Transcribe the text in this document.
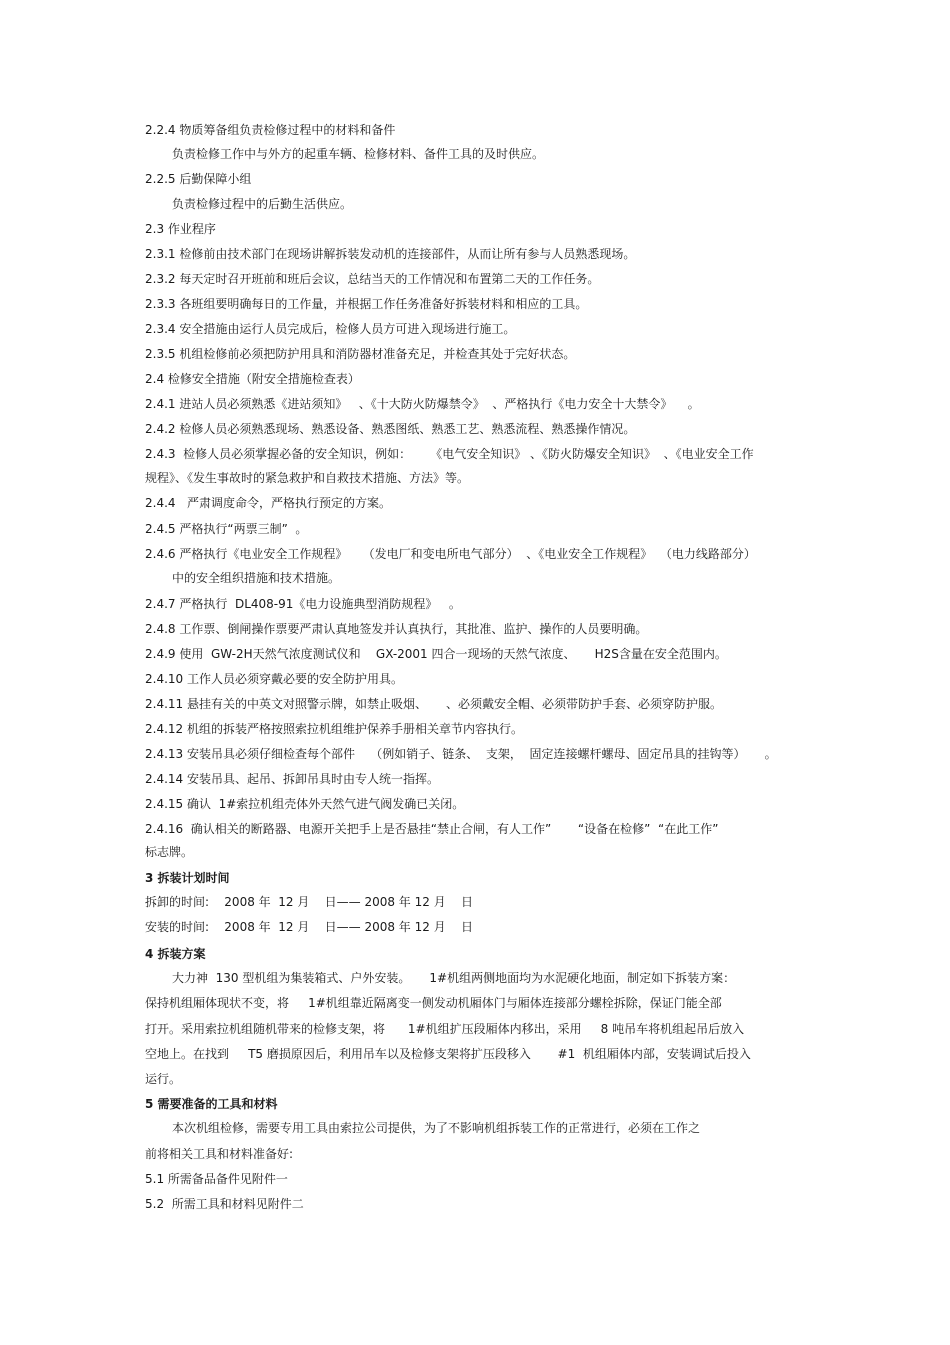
2.2.4 物质筹备组负责检修过程中的材料和备件
负责检修工作中与外方的起重车辆、检修材料、备件工具的及时供应。
2.2.5 后勤保障小组
负责检修过程中的后勤生活供应。
2.3 作业程序
2.3.1 检修前由技术部门在现场讲解拆装发动机的连接部件，从而让所有参与人员熟悉现场。
2.3.2 每天定时召开班前和班后会议，总结当天的工作情况和布置第二天的工作任务。
2.3.3 各班组要明确每日的工作量，并根据工作任务准备好拆装材料和相应的工具。
2.3.4 安全措施由运行人员完成后，检修人员方可进入现场进行施工。
2.3.5 机组检修前必须把防护用具和消防器材准备充足，并检查其处于完好状态。
2.4 检修安全措施（附安全措施检查表）
2.4.1 进站人员必须熟悉《进站须知》   、《十大防火防爆禁令》  、严格执行《电力安全十大禁令》    。
2.4.2 检修人员必须熟悉现场、熟悉设备、熟悉图纸、熟悉工艺、熟悉流程、熟悉操作情况。
2.4.3  检修人员必须掌握必备的安全知识，例如：     《电气安全知识》 、《防火防爆安全知识》  、《电业安全工作
规程》、《发生事故时的紧急救护和自救技术措施、方法》等。
2.4.4   严肃调度命令，严格执行预定的方案。
2.4.5 严格执行“两票三制”  。
2.4.6 严格执行《电业安全工作规程》    （发电厂和变电所电气部分）  、《电业安全工作规程》  （电力线路部分）
中的安全组织措施和技术措施。
2.4.7 严格执行  DL408-91《电力设施典型消防规程》   。
2.4.8 工作票、倒闸操作票要严肃认真地签发并认真执行，其批准、监护、操作的人员要明确。
2.4.9 使用  GW-2H天然气浓度测试仪和    GX-2001 四合一现场的天然气浓度、     H2S含量在安全范围内。
2.4.10 工作人员必须穿戴必要的安全防护用具。
2.4.11 悬挂有关的中英文对照警示牌，如禁止吸烟、     、必须戴安全帽、必须带防护手套、必须穿防护服。
2.4.12 机组的拆装严格按照索拉机组维护保养手册相关章节内容执行。
2.4.13 安装吊具必须仔细检查每个部件    （例如销子、链条、  支架，  固定连接螺杆螺母、固定吊具的挂钩等）     。
2.4.14 安装吊具、起吊、拆卸吊具时由专人统一指挥。
2.4.15 确认  1#索拉机组壳体外天然气进气阀发确已关闭。
2.4.16  确认相关的断路器、电源开关把手上是否悬挂“禁止合闸，有人工作”       “设备在检修”  “在此工作”
标志牌。
3 拆装计划时间
拆卸的时间:    2008 年  12 月    日—— 2008 年 12 月    日
安装的时间:    2008 年  12 月    日—— 2008 年 12 月    日
4 拆装方案
大力神  130 型机组为集装箱式、户外安装。     1#机组两侧地面均为水泥硬化地面，制定如下拆装方案：
保持机组厢体现状不变，将     1#机组靠近隔离变一侧发动机厢体门与厢体连接部分螺栓拆除，保证门能全部
打开。采用索拉机组随机带来的检修支架，将      1#机组扩压段厢体内移出，采用     8 吨吊车将机组起吊后放入
空地上。在找到     T5 磨损原因后，利用吊车以及检修支架将扩压段移入       #1  机组厢体内部，安装调试后投入
运行。
5 需要准备的工具和材料
本次机组检修，需要专用工具由索拉公司提供，为了不影响机组拆装工作的正常进行，必须在工作之
前将相关工具和材料准备好:
5.1 所需备品备件见附件一
5.2  所需工具和材料见附件二
